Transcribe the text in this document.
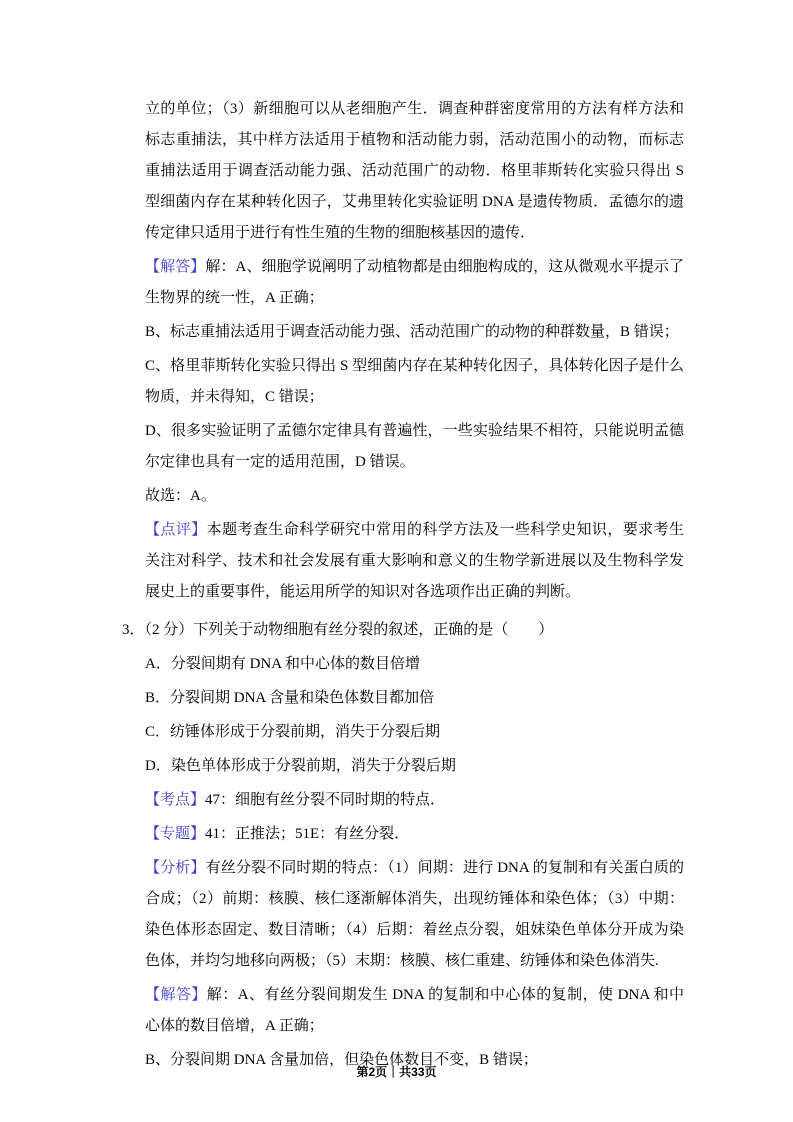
立的单位；（3）新细胞可以从老细胞产生．调查种群密度常用的方法有样方法和标志重捕法，其中样方法适用于植物和活动能力弱，活动范围小的动物，而标志重捕法适用于调查活动能力强、活动范围广的动物．格里菲斯转化实验只得出 S 型细菌内存在某种转化因子，艾弗里转化实验证明 DNA 是遗传物质．孟德尔的遗传定律只适用于进行有性生殖的生物的细胞核基因的遗传．

【解答】解：A、细胞学说阐明了动植物都是由细胞构成的，这从微观水平提示了生物界的统一性，A 正确；

B、标志重捕法适用于调查活动能力强、活动范围广的动物的种群数量，B 错误；

C、格里菲斯转化实验只得出 S 型细菌内存在某种转化因子，具体转化因子是什么物质，并未得知，C 错误；

D、很多实验证明了孟德尔定律具有普遍性，一些实验结果不相符，只能说明孟德尔定律也具有一定的适用范围，D 错误。

故选：A。

【点评】本题考查生命科学研究中常用的科学方法及一些科学史知识，要求考生关注对科学、技术和社会发展有重大影响和意义的生物学新进展以及生物科学发展史上的重要事件，能运用所学的知识对各选项作出正确的判断。

3．（2 分）下列关于动物细胞有丝分裂的叙述，正确的是（　　）

A．分裂间期有 DNA 和中心体的数目倍增

B．分裂间期 DNA 含量和染色体数目都加倍

C．纺锤体形成于分裂前期，消失于分裂后期

D．染色单体形成于分裂前期，消失于分裂后期

【考点】47：细胞有丝分裂不同时期的特点．

【专题】41：正推法；51E：有丝分裂．

【分析】有丝分裂不同时期的特点：（1）间期：进行 DNA 的复制和有关蛋白质的合成；（2）前期：核膜、核仁逐渐解体消失，出现纺锤体和染色体；（3）中期：染色体形态固定、数目清晰；（4）后期：着丝点分裂，姐妹染色单体分开成为染色体，并均匀地移向两极；（5）末期：核膜、核仁重建、纺锤体和染色体消失.

【解答】解：A、有丝分裂间期发生 DNA 的复制和中心体的复制，使 DNA 和中心体的数目倍增，A 正确；

B、分裂间期 DNA 含量加倍，但染色体数目不变，B 错误；

第2页｜共33页
